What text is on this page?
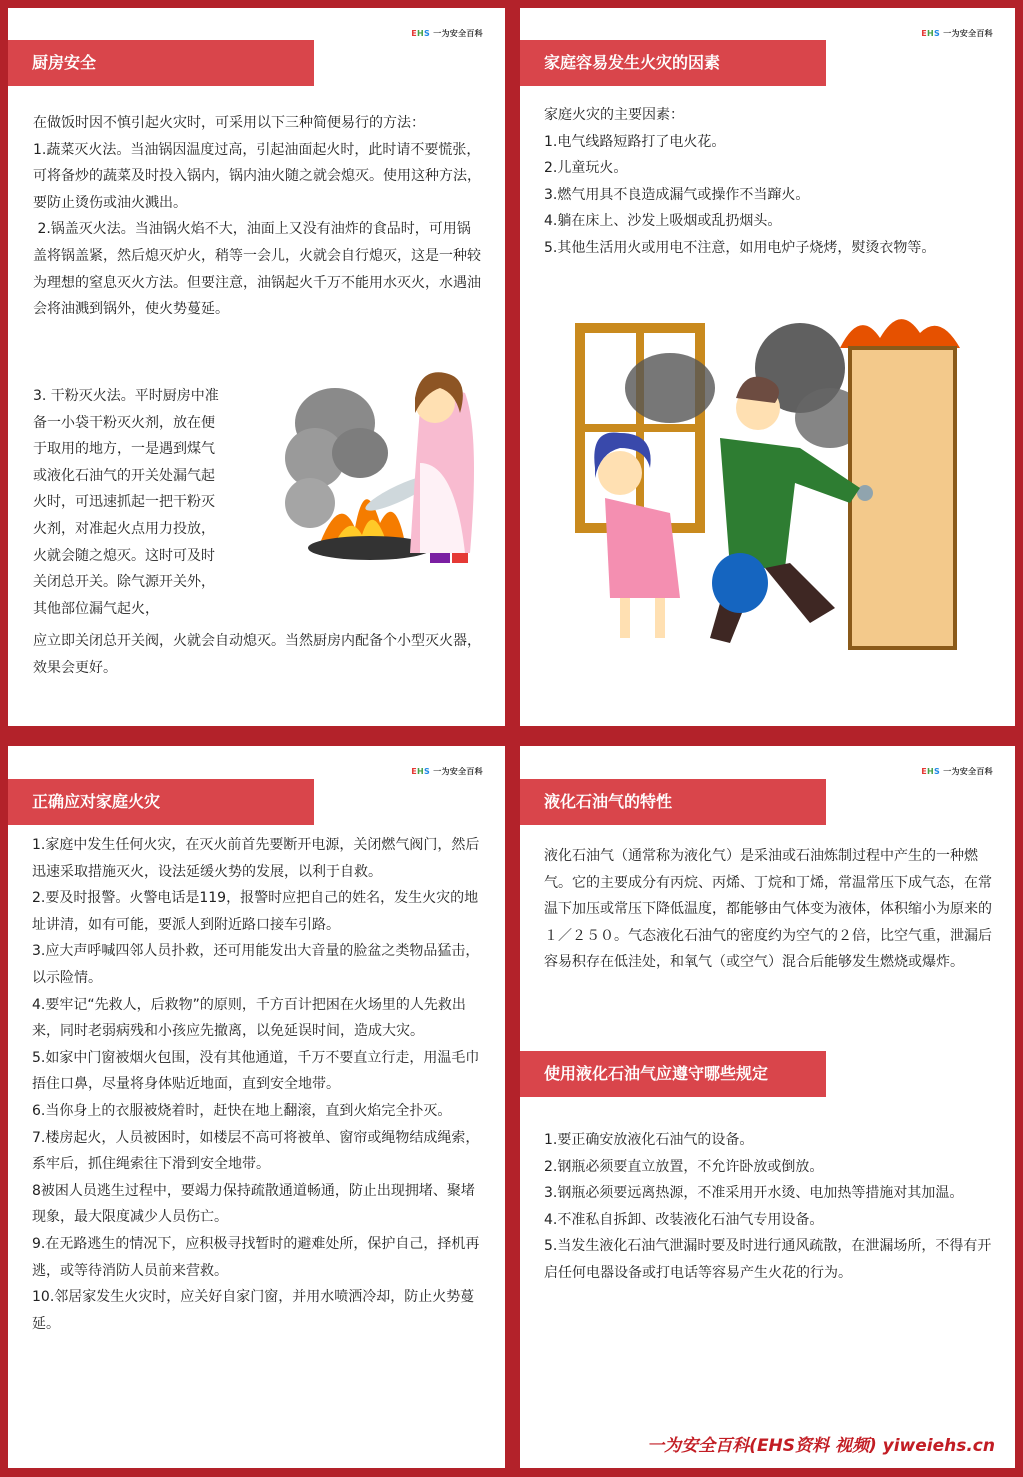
EHS 一为安全百科
厨房安全

在做饭时因不慎引起火灾时，可采用以下三种简便易行的方法：

1.蔬菜灭火法。当油锅因温度过高，引起油面起火时，此时请不要慌张，可将备炒的蔬菜及时投入锅内，锅内油火随之就会熄灭。使用这种方法，要防止烫伤或油火溅出。

2.锅盖灭火法。当油锅火焰不大，油面上又没有油炸的食品时，可用锅盖将锅盖紧，然后熄灭炉火，稍等一会儿，火就会自行熄灭，这是一种较为理想的窒息灭火方法。但要注意，油锅起火千万不能用水灭火，水遇油会将油溅到锅外，使火势蔓延。

3. 干粉灭火法。平时厨房中准

备一小袋干粉灭火剂，放在便

于取用的地方，一是遇到煤气

或液化石油气的开关处漏气起

火时，可迅速抓起一把干粉灭

火剂，对准起火点用力投放，

火就会随之熄灭。这时可及时

关闭总开关。除气源开关外，

其他部位漏气起火，

应立即关闭总开关阀，火就会自动熄灭。当然厨房内配备个小型灭火器，效果会更好。
EHS 一为安全百科
家庭容易发生火灾的因素

家庭火灾的主要因素：

1.电气线路短路打了电火花。

2.儿童玩火。

3.燃气用具不良造成漏气或操作不当蹿火。

4.躺在床上、沙发上吸烟或乱扔烟头。

5.其他生活用火或用电不注意，如用电炉子烧烤，熨烫衣物等。

EHS 一为安全百科
正确应对家庭火灾

1.家庭中发生任何火灾，在灭火前首先要断开电源，关闭燃气阀门，然后迅速采取措施灭火，设法延缓火势的发展，以利于自救。

2.要及时报警。火警电话是119，报警时应把自己的姓名，发生火灾的地址讲清，如有可能，要派人到附近路口接车引路。

3.应大声呼喊四邻人员扑救，还可用能发出大音量的脸盆之类物品猛击，以示险情。

4.要牢记“先救人，后救物”的原则，千方百计把困在火场里的人先救出来，同时老弱病残和小孩应先撤离，以免延误时间，造成大灾。

5.如家中门窗被烟火包围，没有其他通道，千万不要直立行走，用温毛巾捂住口鼻，尽量将身体贴近地面，直到安全地带。

6.当你身上的衣服被烧着时，赶快在地上翻滚，直到火焰完全扑灭。

7.楼房起火，人员被困时，如楼层不高可将被单、窗帘或绳物结成绳索，系牢后，抓住绳索往下滑到安全地带。

8被困人员逃生过程中，要竭力保持疏散通道畅通，防止出现拥堵、聚堵现象，最大限度减少人员伤亡。

9.在无路逃生的情况下，应积极寻找暂时的避难处所，保护自己，择机再逃，或等待消防人员前来营救。

10.邻居家发生火灾时，应关好自家门窗，并用水喷洒冷却，防止火势蔓延。

EHS 一为安全百科
液化石油气的特性
液化石油气（通常称为液化气）是采油或石油炼制过程中产生的一种燃气。它的主要成分有丙烷、丙烯、丁烷和丁烯，常温常压下成气态，在常温下加压或常压下降低温度，都能够由气体变为液体，体积缩小为原来的１／２５０。气态液化石油气的密度约为空气的２倍，比空气重，泄漏后容易积存在低洼处，和氧气（或空气）混合后能够发生燃烧或爆炸。
使用液化石油气应遵守哪些规定

1.要正确安放液化石油气的设备。

2.钢瓶必须要直立放置，不允许卧放或倒放。

3.钢瓶必须要远离热源，不准采用开水烫、电加热等措施对其加温。

4.不准私自拆卸、改装液化石油气专用设备。

5.当发生液化石油气泄漏时要及时进行通风疏散，在泄漏场所，不得有开启任何电器设备或打电话等容易产生火花的行为。

一为安全百科(EHS资料 视频) yiweiehs.cn
